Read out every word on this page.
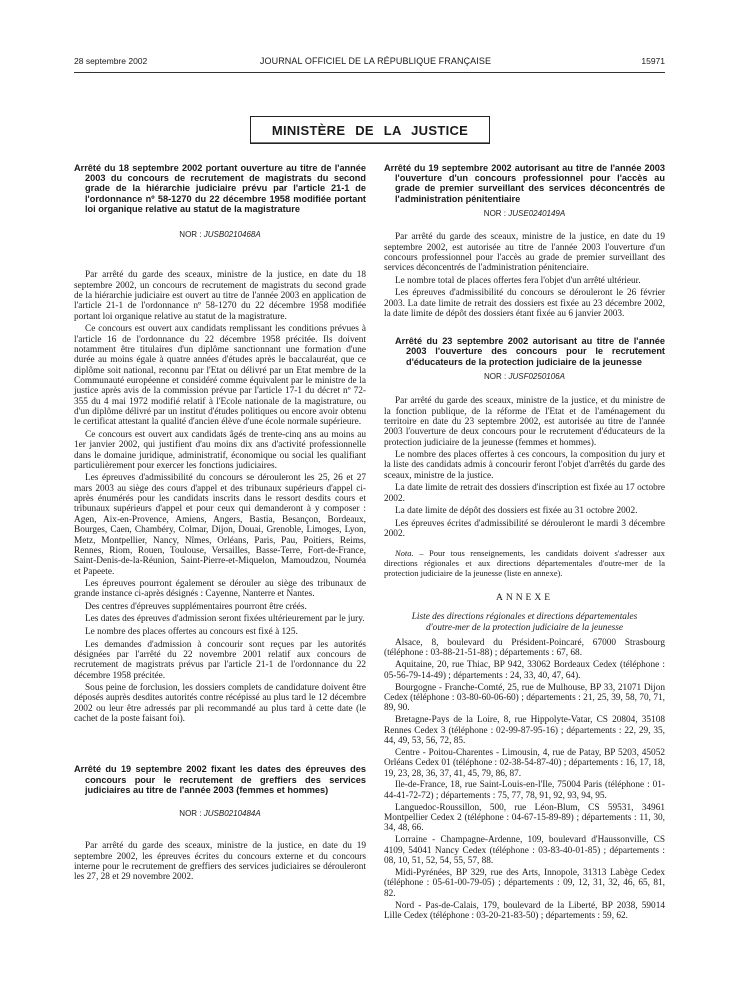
28 septembre 2002	JOURNAL OFFICIEL DE LA RÉPUBLIQUE FRANÇAISE	15971
MINISTÈRE DE LA JUSTICE

Arrêté du 18 septembre 2002 portant ouverture au titre de l'année 2003 du concours de recrutement de magistrats du second grade de la hiérarchie judiciaire prévu par l'article 21-1 de l'ordonnance nº 58-1270 du 22 décembre 1958 modifiée portant loi organique relative au statut de la magistrature

NOR : JUSB0210468A

Par arrêté du garde des sceaux, ministre de la justice, en date du 18 septembre 2002, un concours de recrutement de magistrats du second grade de la hiérarchie judiciaire est ouvert au titre de l'année 2003 en application de l'article 21-1 de l'ordonnance nº 58-1270 du 22 décembre 1958 modifiée portant loi organique relative au statut de la magistrature.

Ce concours est ouvert aux candidats remplissant les conditions prévues à l'article 16 de l'ordonnance du 22 décembre 1958 précitée. Ils doivent notamment être titulaires d'un diplôme sanctionnant une formation d'une durée au moins égale à quatre années d'études après le baccalauréat, que ce diplôme soit national, reconnu par l'Etat ou délivré par un Etat membre de la Communauté européenne et considéré comme équivalent par le ministre de la justice après avis de la commission prévue par l'article 17-1 du décret nº 72-355 du 4 mai 1972 modifié relatif à l'Ecole nationale de la magistrature, ou d'un diplôme délivré par un institut d'études politiques ou encore avoir obtenu le certificat attestant la qualité d'ancien élève d'une école normale supérieure.

Ce concours est ouvert aux candidats âgés de trente-cinq ans au moins au 1er janvier 2002, qui justifient d'au moins dix ans d'activité professionnelle dans le domaine juridique, administratif, économique ou social les qualifiant particulièrement pour exercer les fonctions judiciaires.

Les épreuves d'admissibilité du concours se dérouleront les 25, 26 et 27 mars 2003 au siège des cours d'appel et des tribunaux supérieurs d'appel ci-après énumérés pour les candidats inscrits dans le ressort desdits cours et tribunaux supérieurs d'appel et pour ceux qui demanderont à y composer : Agen, Aix-en-Provence, Amiens, Angers, Bastia, Besançon, Bordeaux, Bourges, Caen, Chambéry, Colmar, Dijon, Douai, Grenoble, Limoges, Lyon, Metz, Montpellier, Nancy, Nîmes, Orléans, Paris, Pau, Poitiers, Reims, Rennes, Riom, Rouen, Toulouse, Versailles, Basse-Terre, Fort-de-France, Saint-Denis-de-la-Réunion, Saint-Pierre-et-Miquelon, Mamoudzou, Nouméa et Papeete.

Les épreuves pourront également se dérouler au siège des tribunaux de grande instance ci-après désignés : Cayenne, Nanterre et Nantes.

Des centres d'épreuves supplémentaires pourront être créés.

Les dates des épreuves d'admission seront fixées ultérieurement par le jury.

Le nombre des places offertes au concours est fixé à 125.

Les demandes d'admission à concourir sont reçues par les autorités désignées par l'arrêté du 22 novembre 2001 relatif aux concours de recrutement de magistrats prévus par l'article 21-1 de l'ordonnance du 22 décembre 1958 précitée.

Sous peine de forclusion, les dossiers complets de candidature doivent être déposés auprès desdites autorités contre récépissé au plus tard le 12 décembre 2002 ou leur être adressés par pli recommandé au plus tard à cette date (le cachet de la poste faisant foi).

Arrêté du 19 septembre 2002 fixant les dates des épreuves des concours pour le recrutement de greffiers des services judiciaires au titre de l'année 2003 (femmes et hommes)

NOR : JUSB0210484A

Par arrêté du garde des sceaux, ministre de la justice, en date du 19 septembre 2002, les épreuves écrites du concours externe et du concours interne pour le recrutement de greffiers des services judiciaires se dérouleront les 27, 28 et 29 novembre 2002.

Arrêté du 19 septembre 2002 autorisant au titre de l'année 2003 l'ouverture d'un concours professionnel pour l'accès au grade de premier surveillant des services déconcentrés de l'administration pénitentiaire

NOR : JUSE0240149A

Par arrêté du garde des sceaux, ministre de la justice, en date du 19 septembre 2002, est autorisée au titre de l'année 2003 l'ouverture d'un concours professionnel pour l'accès au grade de premier surveillant des services déconcentrés de l'administration pénitenciaire.

Le nombre total de places offertes fera l'objet d'un arrêté ultérieur.

Les épreuves d'admissibilité du concours se dérouleront le 26 février 2003. La date limite de retrait des dossiers est fixée au 23 décembre 2002, la date limite de dépôt des dossiers étant fixée au 6 janvier 2003.

Arrêté du 23 septembre 2002 autorisant au titre de l'année 2003 l'ouverture des concours pour le recrutement d'éducateurs de la protection judiciaire de la jeunesse

NOR : JUSF0250106A

Par arrêté du garde des sceaux, ministre de la justice, et du ministre de la fonction publique, de la réforme de l'Etat et de l'aménagement du territoire en date du 23 septembre 2002, est autorisée au titre de l'année 2003 l'ouverture de deux concours pour le recrutement d'éducateurs de la protection judiciaire de la jeunesse (femmes et hommes).

Le nombre des places offertes à ces concours, la composition du jury et la liste des candidats admis à concourir feront l'objet d'arrêtés du garde des sceaux, ministre de la justice.

La date limite de retrait des dossiers d'inscription est fixée au 17 octobre 2002.

La date limite de dépôt des dossiers est fixée au 31 octobre 2002.

Les épreuves écrites d'admissibilité se dérouleront le mardi 3 décembre 2002.

Nota. – Pour tous renseignements, les candidats doivent s'adresser aux directions régionales et aux directions départementales d'outre-mer de la protection judiciaire de la jeunesse (liste en annexe).

ANNEXE

Liste des directions régionales et directions départementales d'outre-mer de la protection judiciaire de la jeunesse

Alsace, 8, boulevard du Président-Poincaré, 67000 Strasbourg (téléphone : 03-88-21-51-88) ; départements : 67, 68.

Aquitaine, 20, rue Thiac, BP 942, 33062 Bordeaux Cedex (téléphone : 05-56-79-14-49) ; départements : 24, 33, 40, 47, 64).

Bourgogne - Franche-Comté, 25, rue de Mulhouse, BP 33, 21071 Dijon Cedex (téléphone : 03-80-60-06-60) ; départements : 21, 25, 39, 58, 70, 71, 89, 90.

Bretagne-Pays de la Loire, 8, rue Hippolyte-Vatar, CS 20804, 35108 Rennes Cedex 3 (téléphone : 02-99-87-95-16) ; départements : 22, 29, 35, 44, 49, 53, 56, 72, 85.

Centre - Poitou-Charentes - Limousin, 4, rue de Patay, BP 5203, 45052 Orléans Cedex 01 (téléphone : 02-38-54-87-40) ; départements : 16, 17, 18, 19, 23, 28, 36, 37, 41, 45, 79, 86, 87.

Ile-de-France, 18, rue Saint-Louis-en-l'Ile, 75004 Paris (téléphone : 01-44-41-72-72) ; départements : 75, 77, 78, 91, 92, 93, 94, 95.

Languedoc-Roussillon, 500, rue Léon-Blum, CS 59531, 34961 Montpellier Cedex 2 (téléphone : 04-67-15-89-89) ; départements : 11, 30, 34, 48, 66.

Lorraine - Champagne-Ardenne, 109, boulevard d'Haussonville, CS 4109, 54041 Nancy Cedex (téléphone : 03-83-40-01-85) ; départements : 08, 10, 51, 52, 54, 55, 57, 88.

Midi-Pyrénées, BP 329, rue des Arts, Innopole, 31313 Labège Cedex (téléphone : 05-61-00-79-05) ; départements : 09, 12, 31, 32, 46, 65, 81, 82.

Nord - Pas-de-Calais, 179, boulevard de la Liberté, BP 2038, 59014 Lille Cedex (téléphone : 03-20-21-83-50) ; départements : 59, 62.
